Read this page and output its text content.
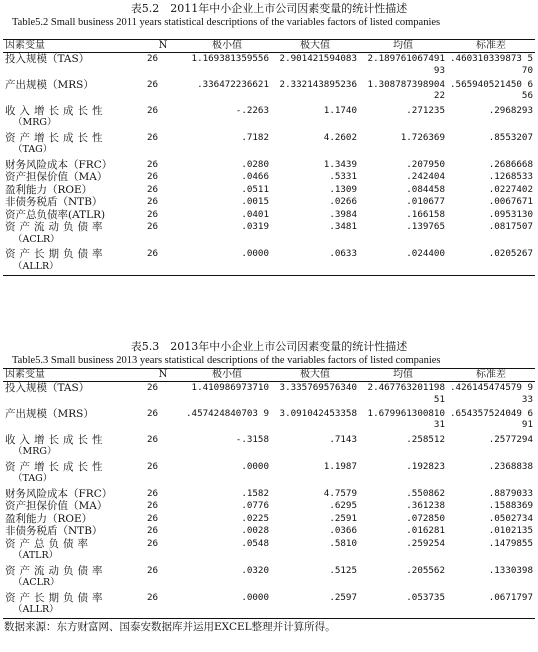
表5.2　2011年中小企业上市公司因素变量的统计性描述
Table5.2 Small business 2011 years statistical descriptions of the variables factors of listed companies
因素变量	N	极小值	极大值	均值	标准差
投入规模（TAS）	26	1.169381359556	2.901421594083	2.189761067491 93	.460310339873 570
产出规模（MRS）	26	.336472236621	2.332143895236	1.308787398904 22	.565940521450 656
收入增长成长性
（MRG）	26	-.2263	1.1740	.271235	.2968293
资产增长成长性
（TAG）	26	.7182	4.2602	1.726369	.8553207
财务风险成本（FRC）	26	.0280	1.3439	.207950	.2686668
资产担保价值（MA）	26	.0466	.5331	.242404	.1268533
盈利能力（ROE）	26	.0511	.1309	.084458	.0227402
非债务税盾（NTB）	26	.0015	.0266	.010677	.0067671
资产总负债率(ATLR)	26	.0401	.3984	.166158	.0953130
资产流动负债率
（ACLR）	26	.0319	.3481	.139765	.0817507
资产长期负债率
（ALLR）	26	.0000	.0633	.024400	.0205267
表5.3　2013年中小企业上市公司因素变量的统计性描述
Table5.3 Small business 2013 years statistical descriptions of the variables factors of listed companies
因素变量	N	极小值	极大值	均值	标准差
投入规模（TAS）	26	1.410986973710	3.335769576340	2.467763201198 51	.426145474579 933
产出规模（MRS）	26	.457424840703 9	3.091042453358	1.679961300810 31	.654357524049 691
收入增长成长性
（MRG）	26	-.3158	.7143	.258512	.2577294
资产增长成长性
（TAG）	26	.0000	1.1987	.192823	.2368838
财务风险成本（FRC）	26	.1582	4.7579	.550862	.8879033
资产担保价值（MA）	26	.0776	.6295	.361238	.1588369
盈利能力（ROE）	26	.0225	.2591	.072850	.0502734
非债务税盾（NTB）	26	.0028	.0366	.016281	.0102135
资产总负债率
（ATLR）	26	.0548	.5810	.259254	.1479855
资产流动负债率
（ACLR）	26	.0320	.5125	.205562	.1330398
资产长期负债率
（ALLR）	26	.0000	.2597	.053735	.0671797
数据来源：东方财富网、国泰安数据库并运用EXCEL整理并计算所得。
